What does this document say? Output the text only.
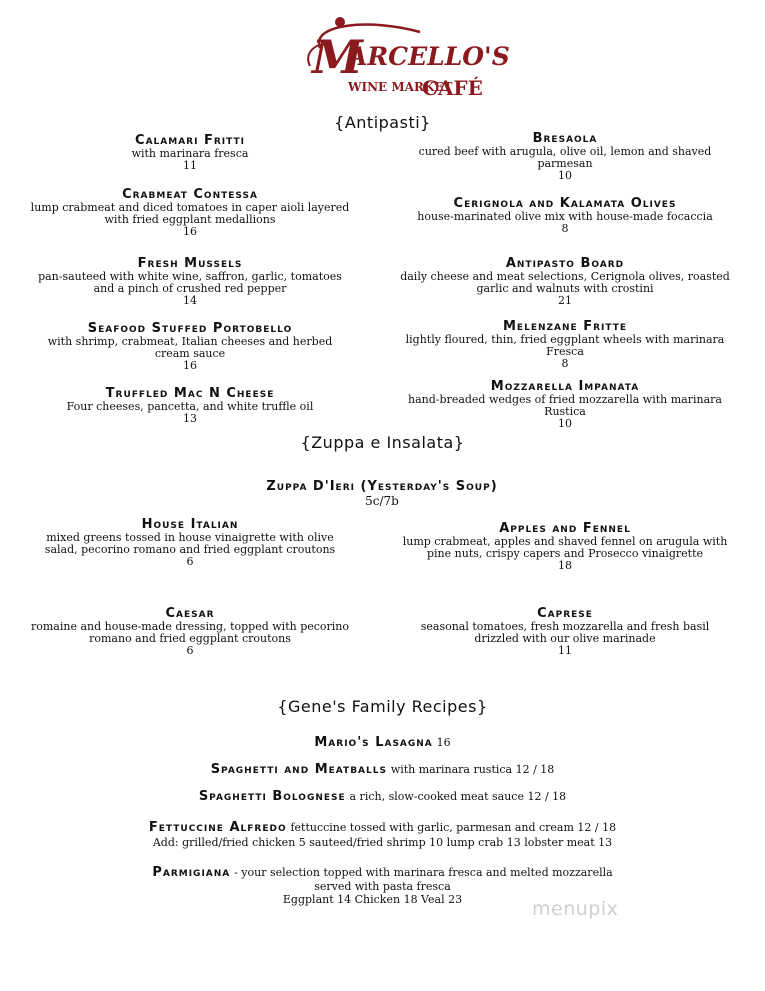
M
ARCELLO'S
WINE MARKET
CAFÉ
{Antipasti}
Calamari Fritti
with marinara fresca
11
Crabmeat Contessa
lump crabmeat and diced tomatoes in caper aioli layered with fried eggplant medallions
16
Fresh Mussels
pan-sauteed with white wine, saffron, garlic, tomatoes and a pinch of crushed red pepper
14
Seafood Stuffed Portobello
with shrimp, crabmeat, Italian cheeses and herbed cream sauce
16
Truffled Mac N Cheese
Four cheeses, pancetta, and white truffle oil
13
Bresaola
cured beef with arugula, olive oil, lemon and shaved parmesan
10
Cerignola and Kalamata Olives
house-marinated olive mix with house-made focaccia
8
Antipasto Board
daily cheese and meat selections, Cerignola olives, roasted garlic and walnuts with crostini
21
Melenzane Fritte
lightly floured, thin, fried eggplant wheels with marinara Fresca
8
Mozzarella Impanata
hand-breaded wedges of fried mozzarella with marinara Rustica
10
{Zuppa e Insalata}
Zuppa D'Ieri (Yesterday's Soup)
5c/7b
House Italian
mixed greens tossed in house vinaigrette with olive salad, pecorino romano and fried eggplant croutons
6
Caesar
romaine and house-made dressing, topped with pecorino romano and fried eggplant croutons
6
Apples and Fennel
lump crabmeat, apples and shaved fennel on arugula with pine nuts, crispy capers and Prosecco vinaigrette
18
Caprese
seasonal tomatoes, fresh mozzarella and fresh basil drizzled with our olive marinade
11
{Gene's Family Recipes}
Mario's Lasagna 16
Spaghetti and Meatballs with marinara rustica 12 / 18
Spaghetti Bolognese a rich, slow-cooked meat sauce 12 / 18
Fettuccine Alfredo fettuccine tossed with garlic, parmesan and cream 12 / 18
Add: grilled/fried chicken 5 sauteed/fried shrimp 10 lump crab 13 lobster meat 13
Parmigiana - your selection topped with marinara fresca and melted mozzarella
served with pasta fresca
Eggplant 14 Chicken 18 Veal 23	menupix
